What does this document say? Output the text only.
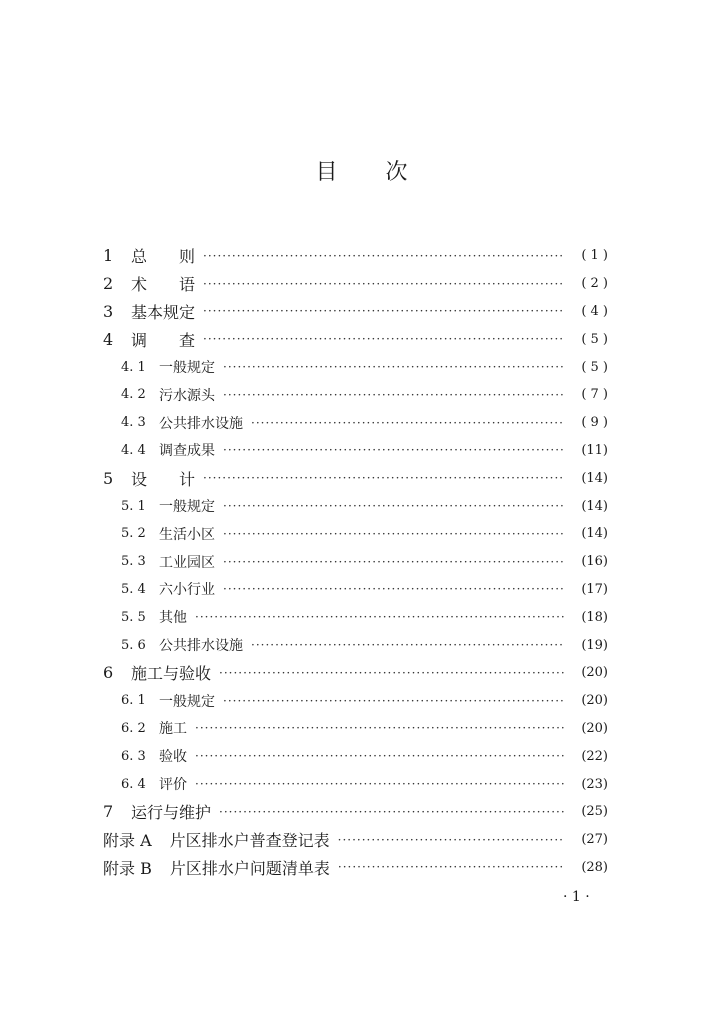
目 次
1	总　　则 ·····	( 1 )
2	术　　语 ·····	( 2 )
3	基本规定 ·····	( 4 )
4	调　　查 ·····	( 5 )
4. 1 一般规定 ·····	( 5 )
4. 2 污水源头 ·····	( 7 )
4. 3 公共排水设施 ·····	( 9 )
4. 4 调查成果 ·····	(11)
5	设　　计 ·····	(14)
5. 1 一般规定 ·····	(14)
5. 2 生活小区 ·····	(14)
5. 3 工业园区 ·····	(16)
5. 4 六小行业 ·····	(17)
5. 5 其他 ·····	(18)
5. 6 公共排水设施 ·····	(19)
6	施工与验收 ·····	(20)
6. 1 一般规定 ·····	(20)
6. 2 施工 ·····	(20)
6. 3 验收 ·····	(22)
6. 4 评价 ·····	(23)
7	运行与维护 ·····	(25)
附录 A 片区排水户普查登记表 ·····	(27)
附录 B 片区排水户问题清单表 ·····	(28)
· 1 ·
